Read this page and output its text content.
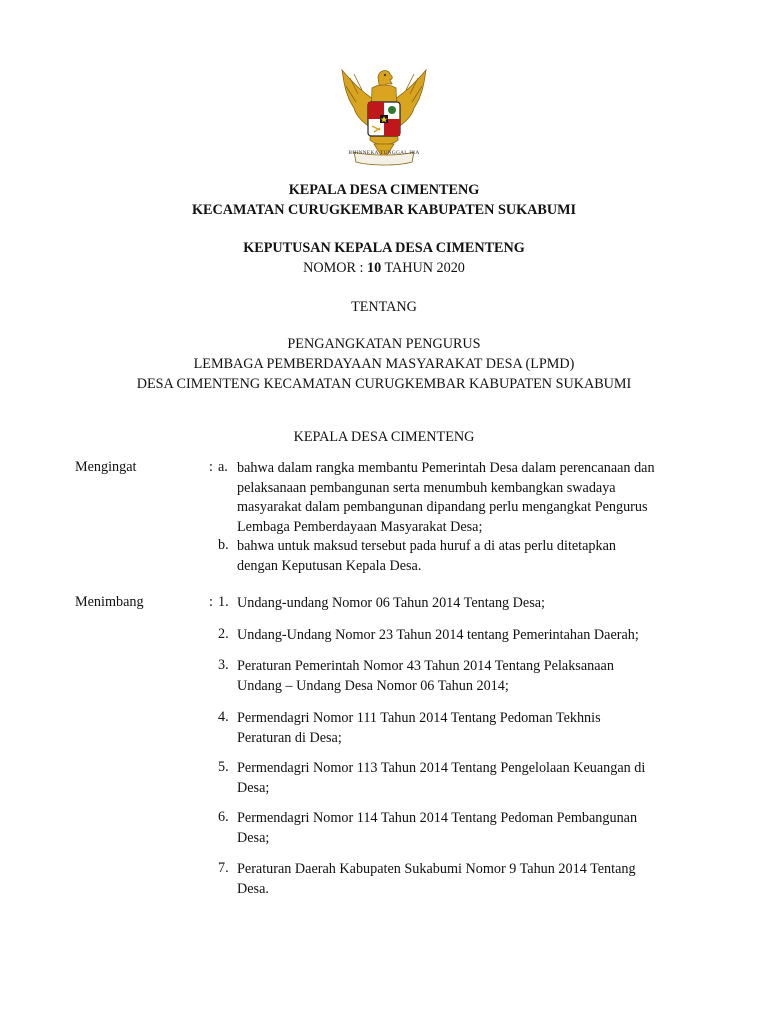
BHINNEKA TUNGGAL IKA
KEPALA DESA CIMENTENG
KECAMATAN CURUGKEMBAR KABUPATEN SUKABUMI
KEPUTUSAN KEPALA DESA CIMENTENG
NOMOR : 10 TAHUN 2020
TENTANG
PENGANGKATAN PENGURUS
LEMBAGA PEMBERDAYAAN MASYARAKAT DESA (LPMD)
DESA CIMENTENG KECAMATAN CURUGKEMBAR KABUPATEN SUKABUMI
KEPALA DESA CIMENTENG
Mengingat	: a. bahwa dalam rangka membantu Pemerintah Desa dalam perencanaan dan
pelaksanaan pembangunan serta menumbuh kembangkan swadaya
masyarakat dalam pembangunan dipandang perlu mengangkat Pengurus
Lembaga Pemberdayaan Masyarakat Desa;
b. bahwa untuk maksud tersebut pada huruf a di atas perlu ditetapkan
dengan Keputusan Kepala Desa.
Menimbang	: 1. Undang-undang Nomor 06 Tahun 2014 Tentang Desa;
2. Undang-Undang Nomor 23 Tahun 2014 tentang Pemerintahan Daerah;
3. Peraturan Pemerintah Nomor 43 Tahun 2014 Tentang Pelaksanaan
Undang – Undang Desa Nomor 06 Tahun 2014;
4. Permendagri Nomor 111 Tahun 2014 Tentang Pedoman Tekhnis
Peraturan di Desa;
5. Permendagri Nomor 113 Tahun 2014 Tentang Pengelolaan Keuangan di
Desa;
6. Permendagri Nomor 114 Tahun 2014 Tentang Pedoman Pembangunan
Desa;
7. Peraturan Daerah Kabupaten Sukabumi Nomor 9 Tahun 2014 Tentang
Desa.
